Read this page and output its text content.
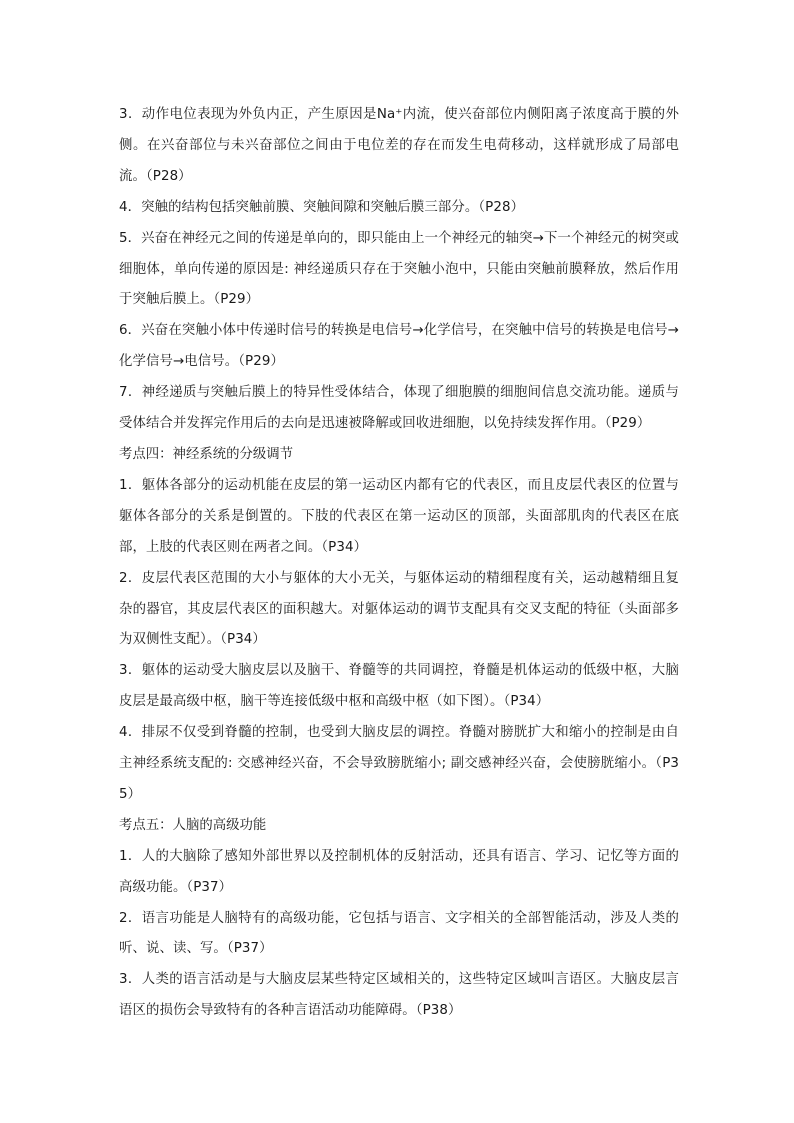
3．动作电位表现为外负内正，产生原因是Na⁺内流，使兴奋部位内侧阳离子浓度高于膜的外侧。在兴奋部位与未兴奋部位之间由于电位差的存在而发生电荷移动，这样就形成了局部电流。（P28）

4．突触的结构包括突触前膜、突触间隙和突触后膜三部分。（P28）

5．兴奋在神经元之间的传递是单向的，即只能由上一个神经元的轴突→下一个神经元的树突或细胞体，单向传递的原因是: 神经递质只存在于突触小泡中，只能由突触前膜释放，然后作用于突触后膜上。（P29）

6．兴奋在突触小体中传递时信号的转换是电信号→化学信号，在突触中信号的转换是电信号→化学信号→电信号。（P29）

7．神经递质与突触后膜上的特异性受体结合，体现了细胞膜的细胞间信息交流功能。递质与受体结合并发挥完作用后的去向是迅速被降解或回收进细胞，以免持续发挥作用。（P29）

考点四：神经系统的分级调节

1．躯体各部分的运动机能在皮层的第一运动区内都有它的代表区，而且皮层代表区的位置与躯体各部分的关系是倒置的。下肢的代表区在第一运动区的顶部，头面部肌肉的代表区在底部，上肢的代表区则在两者之间。（P34）

2．皮层代表区范围的大小与躯体的大小无关，与躯体运动的精细程度有关，运动越精细且复杂的器官，其皮层代表区的面积越大。对躯体运动的调节支配具有交叉支配的特征（头面部多为双侧性支配）。（P34）

3．躯体的运动受大脑皮层以及脑干、脊髓等的共同调控，脊髓是机体运动的低级中枢，大脑皮层是最高级中枢，脑干等连接低级中枢和高级中枢（如下图）。（P34）

4．排尿不仅受到脊髓的控制，也受到大脑皮层的调控。脊髓对膀胱扩大和缩小的控制是由自主神经系统支配的: 交感神经兴奋，不会导致膀胱缩小; 副交感神经兴奋，会使膀胱缩小。（P35）

考点五：人脑的高级功能

1．人的大脑除了感知外部世界以及控制机体的反射活动，还具有语言、学习、记忆等方面的高级功能。（P37）

2．语言功能是人脑特有的高级功能，它包括与语言、文字相关的全部智能活动，涉及人类的听、说、读、写。（P37）

3．人类的语言活动是与大脑皮层某些特定区域相关的，这些特定区域叫言语区。大脑皮层言语区的损伤会导致特有的各种言语活动功能障碍。（P38）
